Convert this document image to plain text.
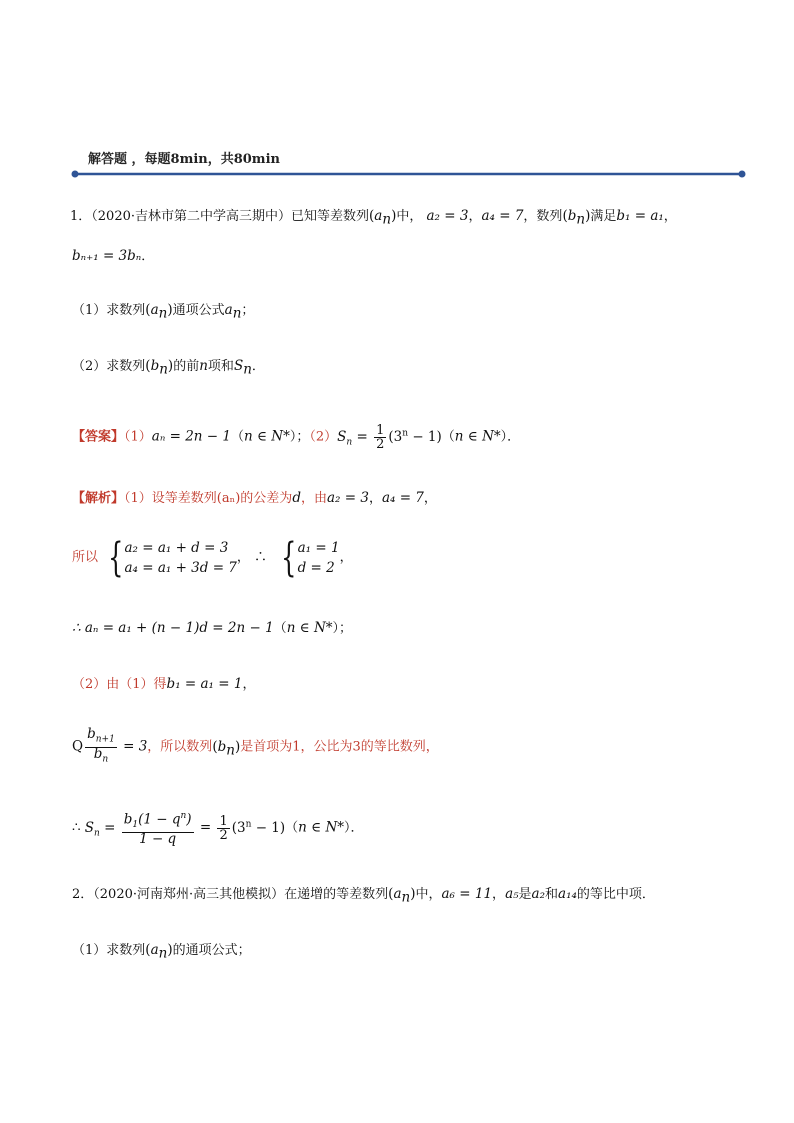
解答题 ，每题8min，共80min
1．（2020·吉林市第二中学高三期中）已知等差数列$(a_n)$中， a₂ = 3，a₄ = 7，数列$(b_n)$满足b₁ = a₁，
bₙ₊₁ = 3bₙ．
（1）求数列$(a_n)$通项公式$a_n$；
（2）求数列$(b_n)$的前n项和$S_n$．
【答案】（1）aₙ = 2n − 1（n ∈ N*）；$(2)S_n = \frac{1}{2} (3^n - 1)(n$ ∈ N*）．
【解析】（1）设等差数列(aₙ)的公差为d，由a₂ = 3，a₄ = 7，
所以 { a₂ = a₁ + d = 3
a₄ = a₁ + 3d = 7
， ∴ { a₁ = 1
d = 2
，
∴ aₙ = a₁ + (n − 1)d = 2n − 1（n ∈ N*）；
（2）由（1）得b₁ = a₁ = 1，
Q $\frac{b_{n+1}}{b_n} = 3$，所以数列$(b_n)$是首项为1，公比为3的等比数列，
∴ $S_n = \frac{b_1(1 - q^n)}{1 - q} = \frac{1}{2} (3^n - 1)(n$ ∈ N*）．
2．（2020·河南郑州·高三其他模拟）在递增的等差数列$(a_n)$中，a₆ = 11，a₅是a₂和a₁₄的等比中项．
（1）求数列$(a_n)$的通项公式；
